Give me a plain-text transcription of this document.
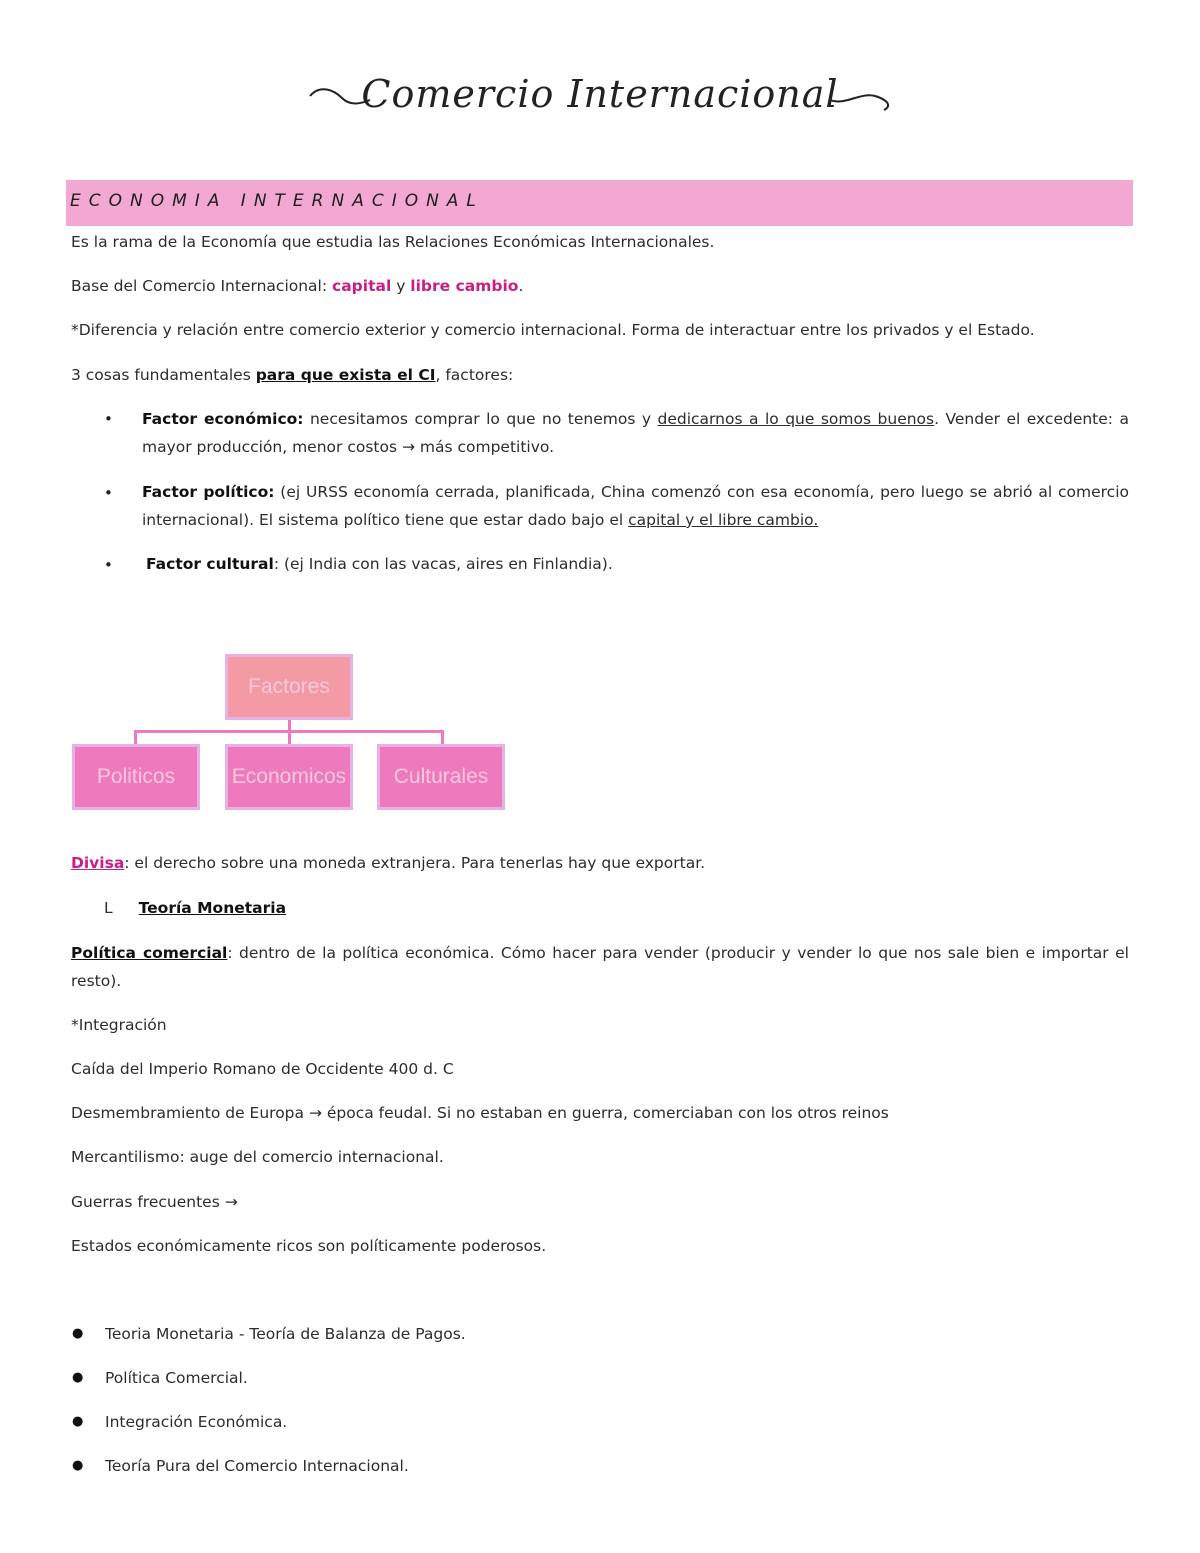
Comercio Internacional
ECONOMIA INTERNACIONAL
Es la rama de la Economía que estudia las Relaciones Económicas Internacionales.
Base del Comercio Internacional: capital y libre cambio.
*Diferencia y relación entre comercio exterior y comercio internacional. Forma de interactuar entre los privados y el Estado.
3 cosas fundamentales para que exista el CI, factores:
• Factor económico: necesitamos comprar lo que no tenemos y dedicarnos a lo que somos buenos. Vender el excedente: a mayor producción, menor costos → más competitivo.
• Factor político: (ej URSS economía cerrada, planificada, China comenzó con esa economía, pero luego se abrió al comercio internacional). El sistema político tiene que estar dado bajo el capital y el libre cambio.
• Factor cultural: (ej India con las vacas, aires en Finlandia).
Factores
Politicos	Economicos	Culturales
Divisa: el derecho sobre una moneda extranjera. Para tenerlas hay que exportar.
L Teoría Monetaria
Política comercial: dentro de la política económica. Cómo hacer para vender (producir y vender lo que nos sale bien e importar el resto).
*Integración
Caída del Imperio Romano de Occidente 400 d. C
Desmembramiento de Europa → época feudal. Si no estaban en guerra, comerciaban con los otros reinos
Mercantilismo: auge del comercio internacional.
Guerras frecuentes →
Estados económicamente ricos son políticamente poderosos.
● Teoria Monetaria - Teoría de Balanza de Pagos.
● Política Comercial.
● Integración Económica.
● Teoría Pura del Comercio Internacional.
